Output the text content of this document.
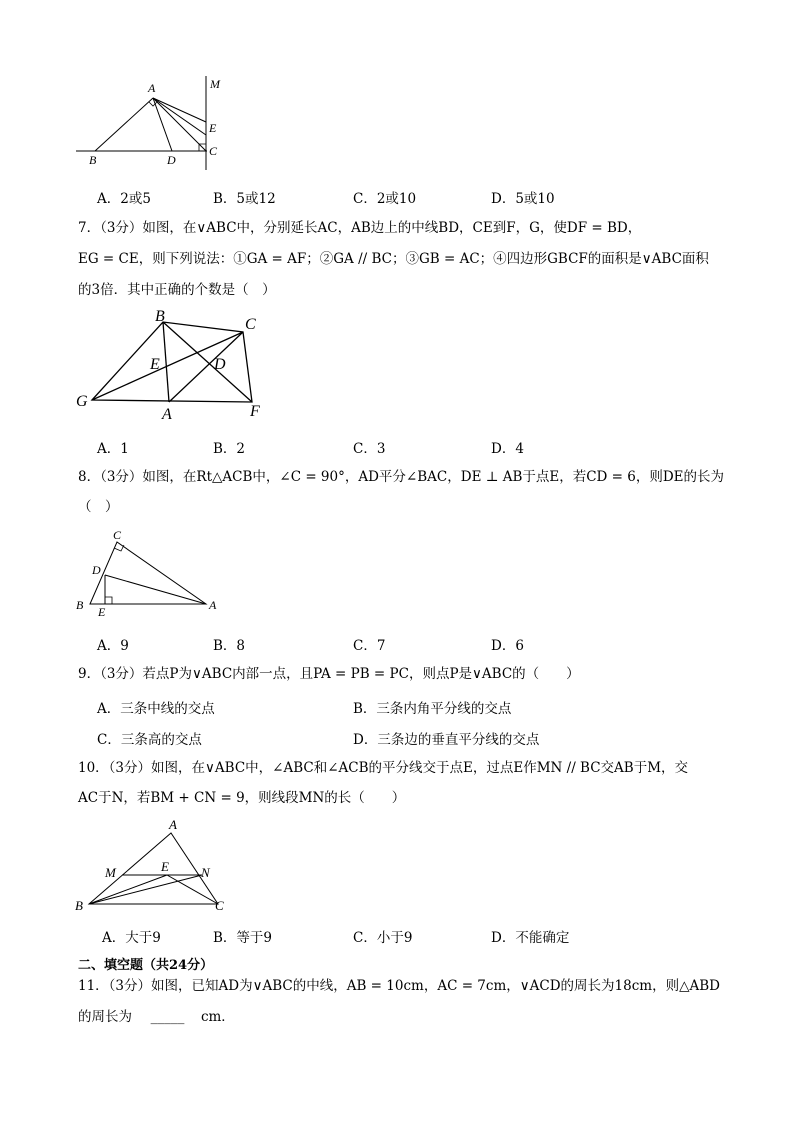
A	M
E
C
B	D
A．2或5	B．5或12	C．2或10	D．5或10
7．（3分）如图，在∨ABC中，分别延长AC，AB边上的中线BD，CE到F，G，使DF = BD，
EG = CE，则下列说法：①GA = AF；②GA // BC；③GB = AC；④四边形GBCF的面积是∨ABC面积
的3倍．其中正确的个数是（　）
B	C
E	D
G
A	F
A．1	B．2	C．3	D．4
8．（3分）如图，在Rt△ACB中，∠C = 90°，AD平分∠BAC，DE ⊥ AB于点E，若CD = 6，则DE的长为
（　）
C
D
B E	A
A．9	B．8	C．7	D．6
9．（3分）若点P为∨ABC内部一点，且PA = PB = PC，则点P是∨ABC的（　　）
A．三条中线的交点	B．三条内角平分线的交点
C．三条高的交点	D．三条边的垂直平分线的交点
10．（3分）如图，在∨ABC中，∠ABC和∠ACB的平分线交于点E，过点E作MN // BC交AB于M，交
AC于N，若BM + CN = 9，则线段MN的长（　　）
A
M	E N
B	C
A．大于9	B．等于9	C．小于9	D．不能确定
二、填空题（共24分）
11．（3分）如图，已知AD为∨ABC的中线，AB = 10cm，AC = 7cm，∨ACD的周长为18cm，则△ABD
的周长为 _____ cm．
